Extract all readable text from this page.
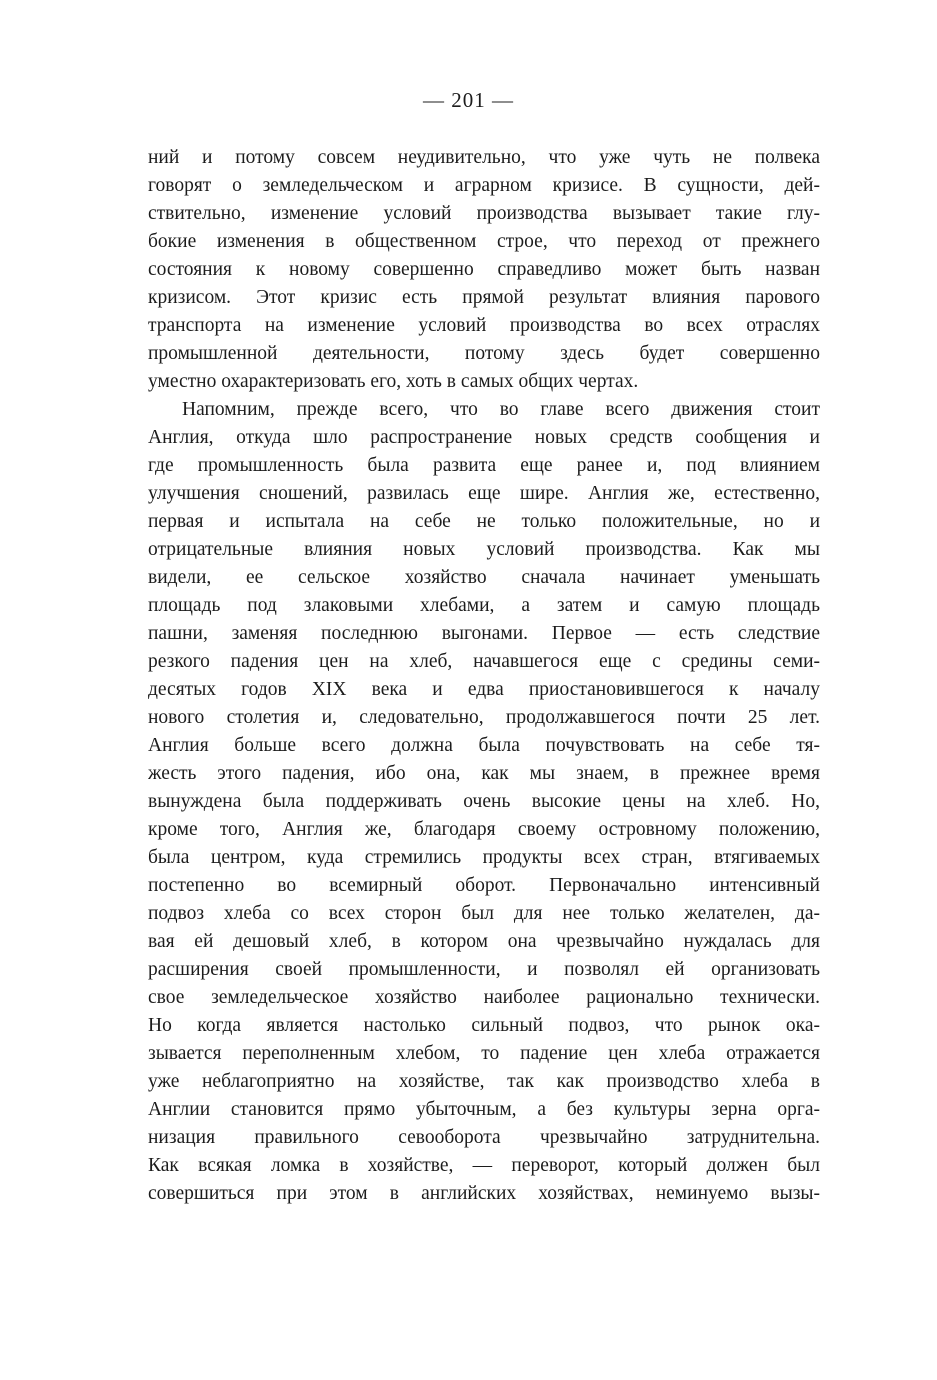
— 201 —
ний и потому совсем неудивительно, что уже чуть не полвека
говорят о земледельческом и аграрном кризисе. В сущности, дей-
ствительно, изменение условий производства вызывает такие глу-
бокие изменения в общественном строе, что переход от прежнего
состояния к новому совершенно справедливо может быть назван
кризисом. Этот кризис есть прямой результат влияния парового
транспорта на изменение условий производства во всех отраслях
промышленной деятельности, потому здесь будет совершенно
уместно охарактеризовать его, хоть в самых общих чертах.
Напомним, прежде всего, что во главе всего движения стоит
Англия, откуда шло распространение новых средств сообщения и
где промышленность была развита еще ранее и, под влиянием
улучшения сношений, развилась еще шире. Англия же, естественно,
первая и испытала на себе не только положительные, но и
отрицательные влияния новых условий производства. Как мы
видели, ее сельское хозяйство сначала начинает уменьшать
площадь под злаковыми хлебами, а затем и самую площадь
пашни, заменяя последнюю выгонами. Первое — есть следствие
резкого падения цен на хлеб, начавшегося еще с средины семи-
десятых годов XIX века и едва приостановившегося к началу
нового столетия и, следовательно, продолжавшегося почти 25 лет.
Англия больше всего должна была почувствовать на себе тя-
жесть этого падения, ибо она, как мы знаем, в прежнее время
вынуждена была поддерживать очень высокие цены на хлеб. Но,
кроме того, Англия же, благодаря своему островному положению,
была центром, куда стремились продукты всех стран, втягиваемых
постепенно во всемирный оборот. Первоначально интенсивный
подвоз хлеба со всех сторон был для нее только желателен, да-
вая ей дешовый хлеб, в котором она чрезвычайно нуждалась для
расширения своей промышленности, и позволял ей организовать
свое земледельческое хозяйство наиболее рационально технически.
Но когда является настолько сильный подвоз, что рынок ока-
зывается переполненным хлебом, то падение цен хлеба отражается
уже неблагоприятно на хозяйстве, так как производство хлеба в
Англии становится прямо убыточным, а без культуры зерна орга-
низация правильного севооборота чрезвычайно затруднительна.
Как всякая ломка в хозяйстве, — переворот, который должен был
совершиться при этом в английских хозяйствах, неминуемо вызы-
